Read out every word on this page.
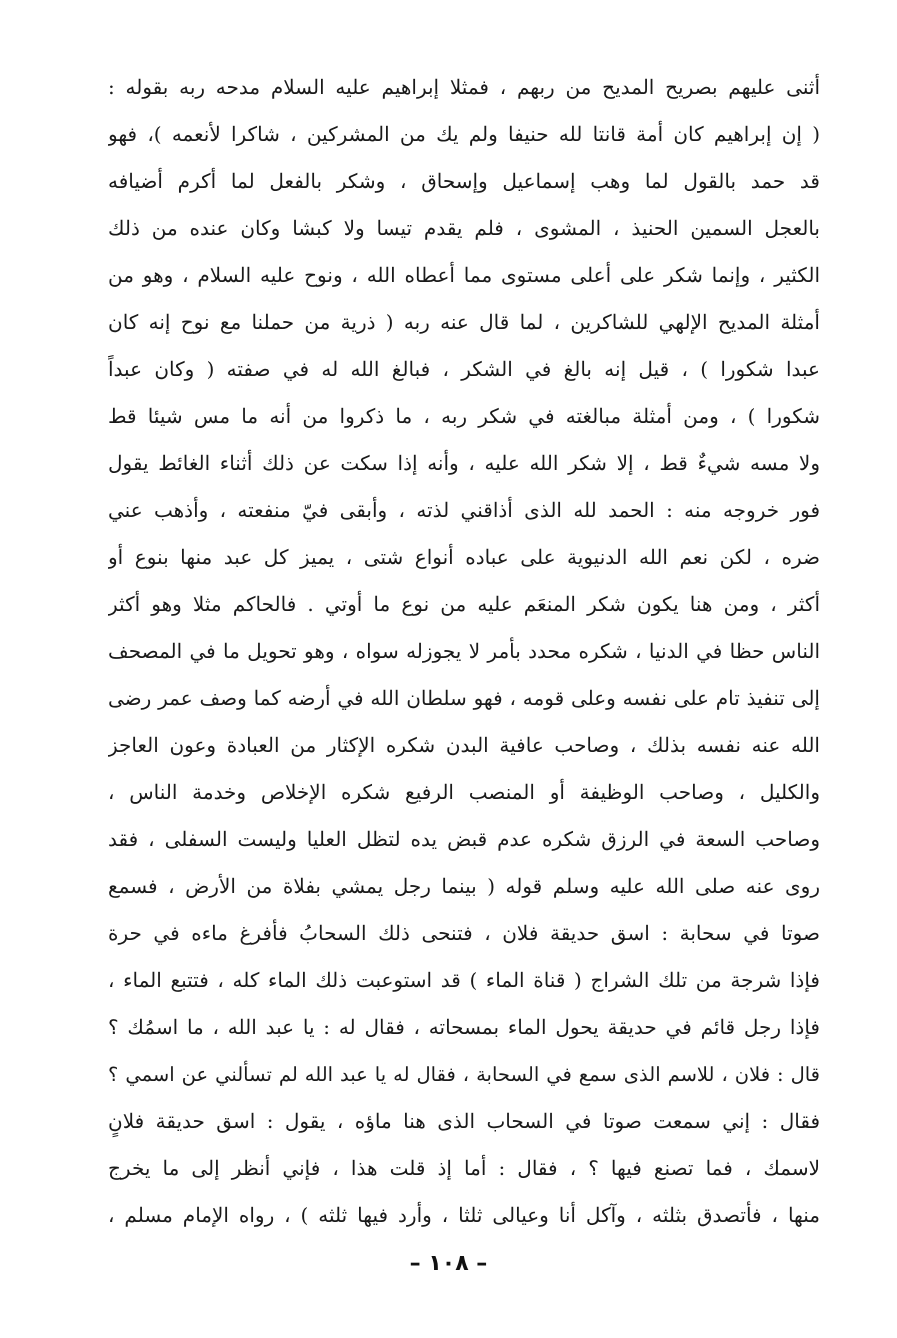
أثنى عليهم بصريح المديح من ربهم ، فمثلا إبراهيم عليه السلام مدحه ربه بقوله :
( إن إبراهيم كان أمة قانتا لله حنيفا ولم يك من المشركين ، شاكرا لأنعمه )، فهو
قد حمد بالقول لما وهب إسماعيل وإسحاق ، وشكر بالفعل لما أكرم أضيافه
بالعجل السمين الحنيذ ، المشوى ، فلم يقدم تيسا ولا كبشا وكان عنده من ذلك
الكثير ، وإنما شكر على أعلى مستوى مما أعطاه الله ، ونوح عليه السلام ، وهو من
أمثلة المديح الإلهي للشاكرين ، لما قال عنه ربه ( ذرية من حملنا مع نوح إنه كان
عبدا شكورا ) ، قيل إنه بالغ في الشكر ، فبالغ الله له في صفته ( وكان عبداً
شكورا ) ، ومن أمثلة مبالغته في شكر ربه ، ما ذكروا من أنه ما مس شيئا قط
ولا مسه شيءٌ قط ، إلا شكر الله عليه ، وأنه إذا سكت عن ذلك أثناء الغائط يقول
فور خروجه منه : الحمد لله الذى أذاقني لذته ، وأبقى فيّ منفعته ، وأذهب عني
ضره ، لكن نعم الله الدنيوية على عباده أنواع شتى ، يميز كل عبد منها بنوع أو
أكثر ، ومن هنا يكون شكر المنعَم عليه من نوع ما أوتي . فالحاكم مثلا وهو أكثر
الناس حظا في الدنيا ، شكره محدد بأمر لا يجوزله سواه ، وهو تحويل ما في المصحف
إلى تنفيذ تام على نفسه وعلى قومه ، فهو سلطان الله في أرضه كما وصف عمر رضى
الله عنه نفسه بذلك ، وصاحب عافية البدن شكره الإكثار من العبادة وعون العاجز
والكليل ، وصاحب الوظيفة أو المنصب الرفيع شكره الإخلاص وخدمة الناس ،
وصاحب السعة في الرزق شكره عدم قبض يده لتظل العليا وليست السفلى ، فقد
روى عنه صلى الله عليه وسلم قوله ( بينما رجل يمشي بفلاة من الأرض ، فسمع
صوتا في سحابة : اسق حديقة فلان ، فتنحى ذلك السحابُ فأفرغ ماءه في حرة
فإذا شرجة من تلك الشراج ( قناة الماء ) قد استوعبت ذلك الماء كله ، فتتبع الماء ،
فإذا رجل قائم في حديقة يحول الماء بمسحاته ، فقال له : يا عبد الله ، ما اسمُك ؟
قال : فلان ، للاسم الذى سمع في السحابة ، فقال له يا عبد الله لم تسألني عن اسمي ؟
فقال : إني سمعت صوتا في السحاب الذى هنا ماؤه ، يقول : اسق حديقة فلانٍ
لاسمك ، فما تصنع فيها ؟ ، فقال : أما إذ قلت هذا ، فإني أنظر إلى ما يخرج
منها ، فأتصدق بثلثه ، وآكل أنا وعيالى ثلثا ، وأرد فيها ثلثه ) ، رواه الإمام مسلم ،
– ١٠٨ –
